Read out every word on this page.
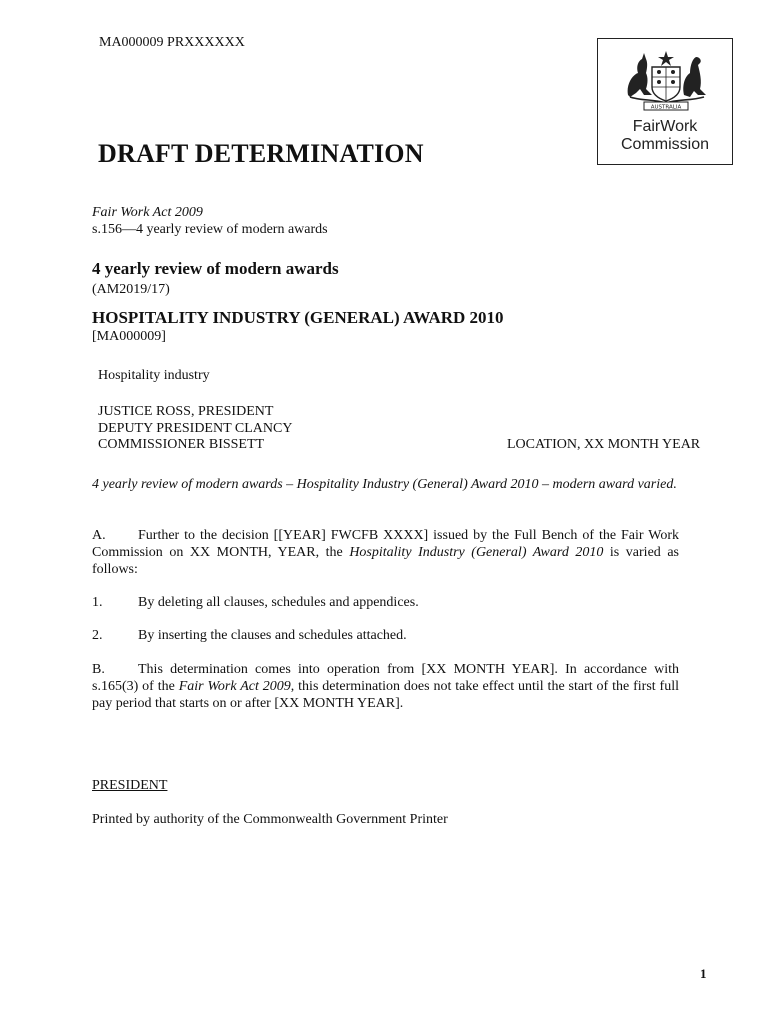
MA000009 PRXXXXXX
AUSTRALIA
FairWork
Commission
DRAFT DETERMINATION
Fair Work Act 2009
s.156—4 yearly review of modern awards
4 yearly review of modern awards
(AM2019/17)
HOSPITALITY INDUSTRY (GENERAL) AWARD 2010
[MA000009]
Hospitality industry
JUSTICE ROSS, PRESIDENT
DEPUTY PRESIDENT CLANCY
COMMISSIONER BISSETT	LOCATION, XX MONTH YEAR
4 yearly review of modern awards – Hospitality Industry (General) Award 2010 – modern award varied.
A. Further to the decision [[YEAR] FWCFB XXXX] issued by the Full Bench of the Fair Work Commission on XX MONTH, YEAR, the Hospitality Industry (General) Award 2010 is varied as follows:
1.	By deleting all clauses, schedules and appendices.
2.	By inserting the clauses and schedules attached.
B. This determination comes into operation from [XX MONTH YEAR]. In accordance with s.165(3) of the Fair Work Act 2009, this determination does not take effect until the start of the first full pay period that starts on or after [XX MONTH YEAR].
PRESIDENT
Printed by authority of the Commonwealth Government Printer
1
